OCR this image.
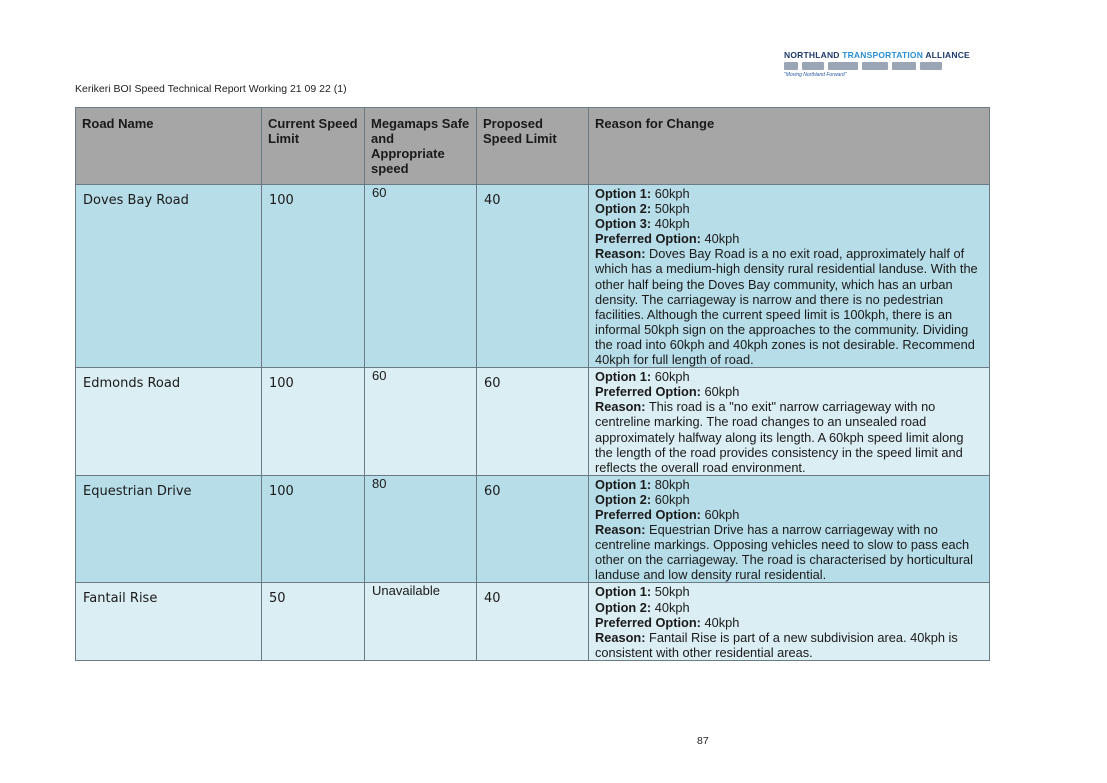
NORTHLAND TRANSPORTATION ALLIANCE
"Moving Northland Forward"
Kerikeri BOI Speed Technical Report Working 21 09 22 (1)
Road Name	Current Speed Limit	Megamaps Safe and Appropriate speed	Proposed Speed Limit	Reason for Change
Doves Bay Road	100	60	40	Option 1: 60kph
Option 2: 50kph
Option 3: 40kph
Preferred Option: 40kph
Reason: Doves Bay Road is a no exit road, approximately half of which has a medium-high density rural residential landuse. With the other half being the Doves Bay community, which has an urban density. The carriageway is narrow and there is no pedestrian facilities. Although the current speed limit is 100kph, there is an informal 50kph sign on the approaches to the community. Dividing the road into 60kph and 40kph zones is not desirable. Recommend 40kph for full length of road.

Edmonds Road	100	60	60	Option 1: 60kph
Preferred Option: 60kph
Reason: This road is a "no exit" narrow carriageway with no centreline marking. The road changes to an unsealed road approximately halfway along its length. A 60kph speed limit along the length of the road provides consistency in the speed limit and reflects the overall road environment.

Equestrian Drive	100	80	60	Option 1: 80kph
Option 2: 60kph
Preferred Option: 60kph
Reason: Equestrian Drive has a narrow carriageway with no centreline markings. Opposing vehicles need to slow to pass each other on the carriageway. The road is characterised by horticultural landuse and low density rural residential.

Fantail Rise	50	Unavailable	40	Option 1: 50kph
Option 2: 40kph
Preferred Option: 40kph
Reason: Fantail Rise is part of a new subdivision area. 40kph is consistent with other residential areas.
87
